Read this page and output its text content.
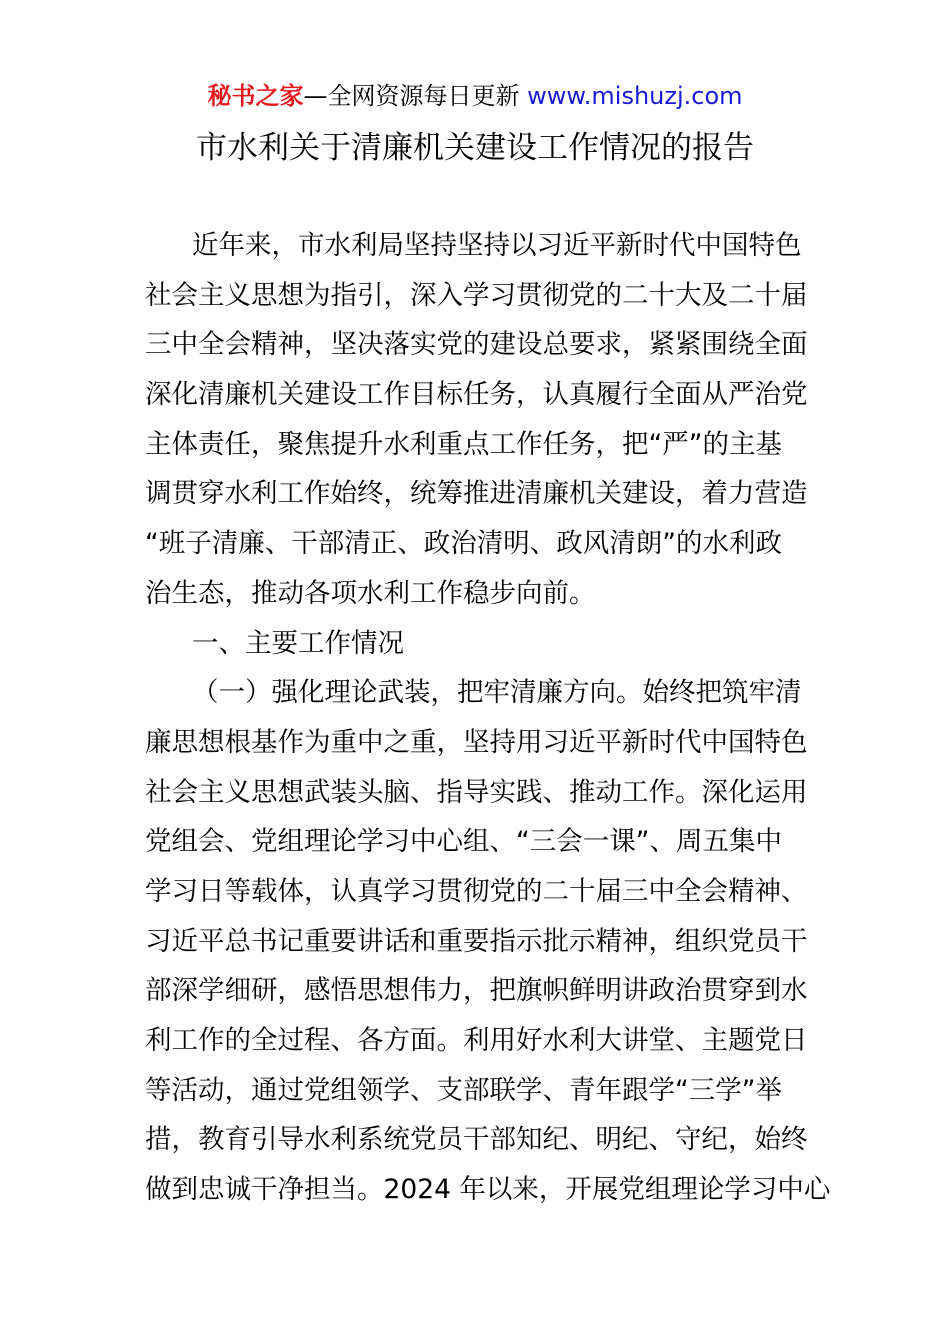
秘书之家—全网资源每日更新 www.mishuzj.com
市水利关于清廉机关建设工作情况的报告
近年来，市水利局坚持坚持以习近平新时代中国特色
社会主义思想为指引，深入学习贯彻党的二十大及二十届
三中全会精神，坚决落实党的建设总要求，紧紧围绕全面
深化清廉机关建设工作目标任务，认真履行全面从严治党
主体责任，聚焦提升水利重点工作任务，把“严”的主基
调贯穿水利工作始终，统筹推进清廉机关建设，着力营造
“班子清廉、干部清正、政治清明、政风清朗”的水利政
治生态，推动各项水利工作稳步向前。
一、主要工作情况
（一）强化理论武装，把牢清廉方向。始终把筑牢清
廉思想根基作为重中之重，坚持用习近平新时代中国特色
社会主义思想武装头脑、指导实践、推动工作。深化运用
党组会、党组理论学习中心组、“三会一课”、周五集中
学习日等载体，认真学习贯彻党的二十届三中全会精神、
习近平总书记重要讲话和重要指示批示精神，组织党员干
部深学细研，感悟思想伟力，把旗帜鲜明讲政治贯穿到水
利工作的全过程、各方面。利用好水利大讲堂、主题党日
等活动，通过党组领学、支部联学、青年跟学“三学”举
措，教育引导水利系统党员干部知纪、明纪、守纪，始终
做到忠诚干净担当。2024 年以来，开展党组理论学习中心
